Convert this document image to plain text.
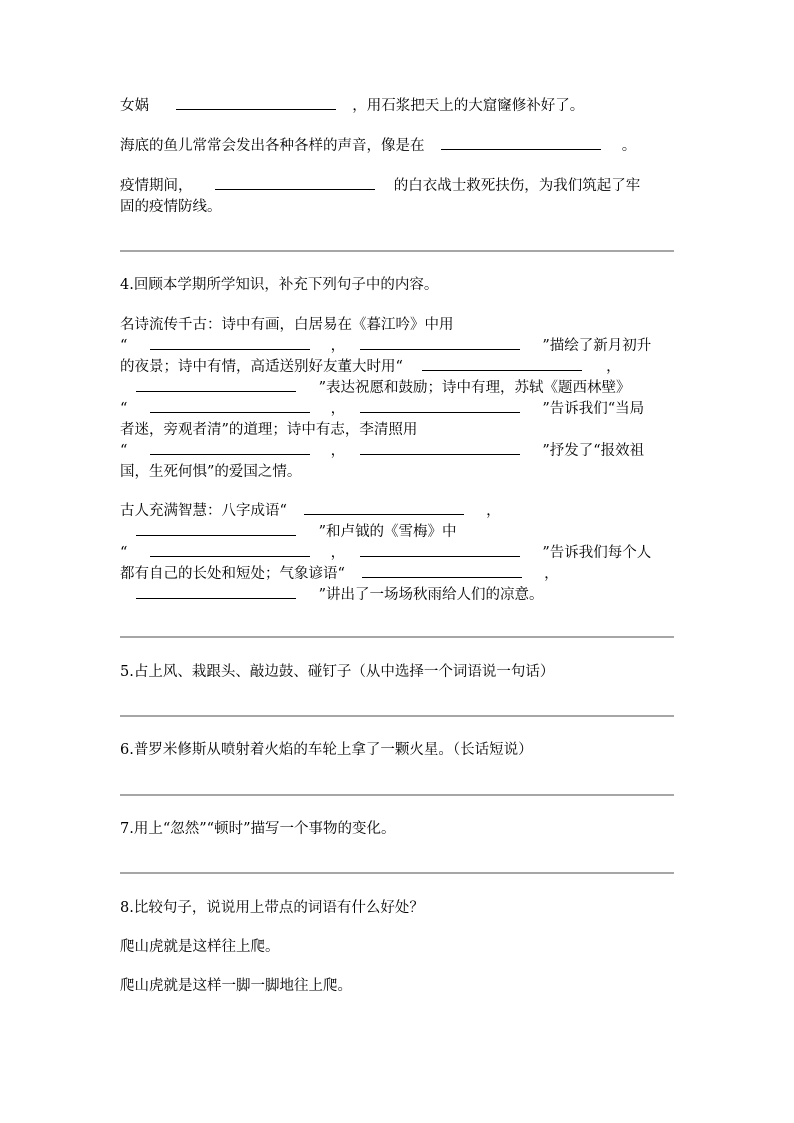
女娲	，用石浆把天上的大窟窿修补好了。
海底的鱼儿常常会发出各种各样的声音，像是在	。
疫情期间，	的白衣战士救死扶伤，为我们筑起了牢
固的疫情防线。
4.回顾本学期所学知识，补充下列句子中的内容。
名诗流传千古：诗中有画，白居易在《暮江吟》中用
“	，	”描绘了新月初升
的夜景；诗中有情，高适送别好友董大时用“	，
”表达祝愿和鼓励；诗中有理，苏轼《题西林壁》
“	，	”告诉我们“当局
者迷，旁观者清”的道理；诗中有志，李清照用
“	，	”抒发了“报效祖
国，生死何惧”的爱国之情。
古人充满智慧：八字成语“	，
”和卢钺的《雪梅》中
“	，	”告诉我们每个人
都有自己的长处和短处；气象谚语“	，
”讲出了一场场秋雨给人们的凉意。
5.占上风、栽跟头、敲边鼓、碰钉子（从中选择一个词语说一句话）
6.普罗米修斯从喷射着火焰的车轮上拿了一颗火星。（长话短说）
7.用上“忽然”“顿时”描写一个事物的变化。
8.比较句子，说说用上带点的词语有什么好处？
爬山虎就是这样往上爬。
爬山虎就是这样一脚一脚地往上爬。
